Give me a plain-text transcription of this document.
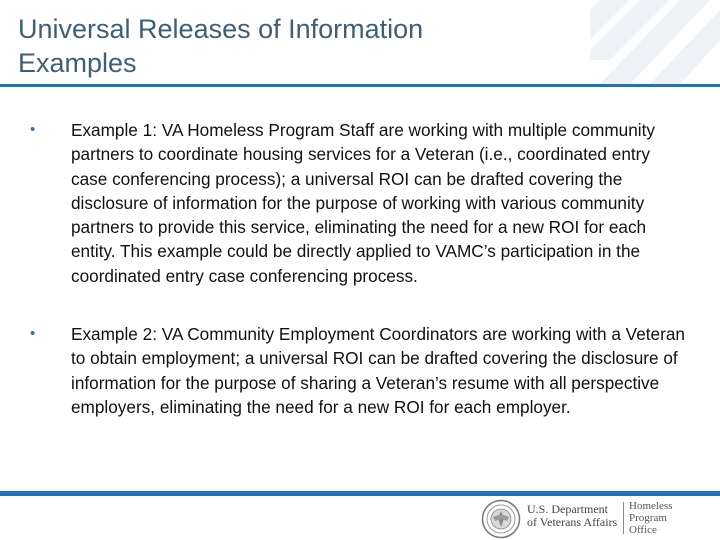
Universal Releases of Information
Examples
• Example 1: VA Homeless Program Staff are working with multiple community partners to coordinate housing services for a Veteran (i.e., coordinated entry case conferencing process); a universal ROI can be drafted covering the disclosure of information for the purpose of working with various community partners to provide this service, eliminating the need for a new ROI for each entity. This example could be directly applied to VAMC’s participation in the coordinated entry case conferencing process.
• Example 2: VA Community Employment Coordinators are working with a Veteran to obtain employment; a universal ROI can be drafted covering the disclosure of information for the purpose of sharing a Veteran’s resume with all perspective employers, eliminating the need for a new ROI for each employer.
U.S. Department
of Veterans Affairs
Homeless
Program
Office
